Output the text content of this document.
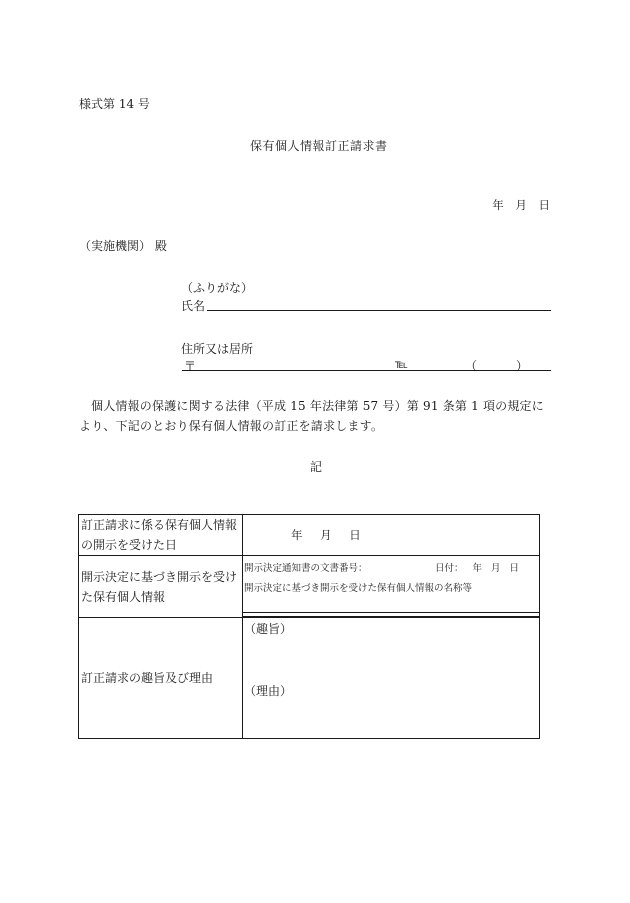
様式第 14 号
保有個人情報訂正請求書
年 月 日
（実施機関） 殿
（ふりがな）
氏名
住所又は居所
〒	℡	（	）
個人情報の保護に関する法律（平成 15 年法律第 57 号）第 91 条第 1 項の規定により、下記のとおり保有個人情報の訂正を請求します。
記
訂正請求に係る保有個人情報の開示を受けた日	年 月 日
開示決定に基づき開示を受けた保有個人情報	開示決定通知書の文書番号： 日付： 年 月 日
開示決定に基づき開示を受けた保有個人情報の名称等

訂正請求の趣旨及び理由	（趣旨）
（理由）
